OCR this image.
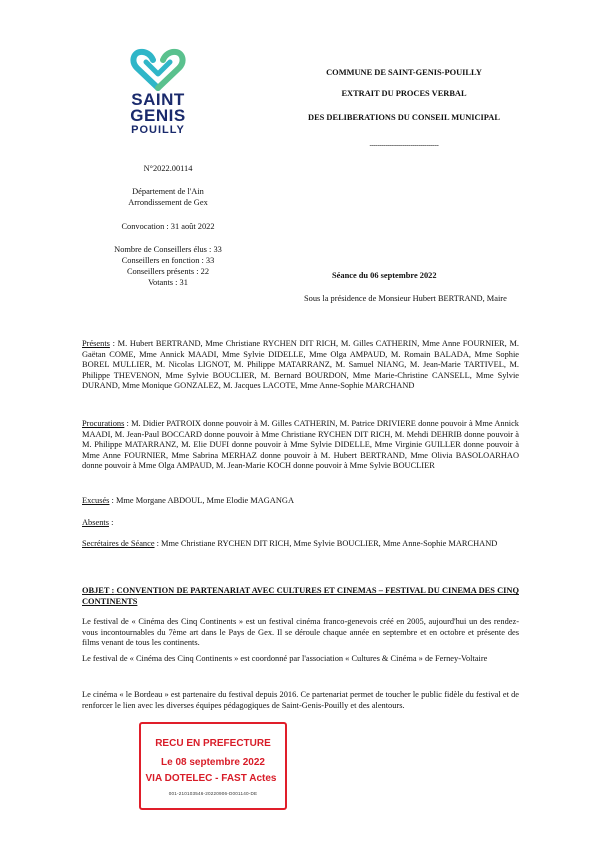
SAINT
GENIS
POUILLY
COMMUNE DE SAINT-GENIS-POUILLY
EXTRAIT DU PROCES VERBAL
DES DELIBERATIONS DU CONSEIL MUNICIPAL
----------------------------------
N°2022.00114
Département de l'Ain
Arrondissement de Gex
Convocation : 31 août 2022
Nombre de Conseillers élus : 33
Conseillers en fonction : 33
Conseillers présents : 22
Votants : 31
Séance du 06 septembre 2022
Sous la présidence de Monsieur Hubert BERTRAND, Maire
Présents : M. Hubert BERTRAND, Mme Christiane RYCHEN DIT RICH, M. Gilles CATHERIN, Mme Anne FOURNIER, M. Gaëtan COME, Mme Annick MAADI, Mme Sylvie DIDELLE, Mme Olga AMPAUD, M. Romain BALADA, Mme Sophie BOREL MULLIER, M. Nicolas LIGNOT, M. Philippe MATARRANZ, M. Samuel NIANG, M. Jean-Marie TARTIVEL, M. Philippe THEVENON, Mme Sylvie BOUCLIER, M. Bernard BOURDON, Mme Marie-Christine CANSELL, Mme Sylvie DURAND, Mme Monique GONZALEZ, M. Jacques LACOTE, Mme Anne-Sophie MARCHAND
Procurations : M. Didier PATROIX donne pouvoir à M. Gilles CATHERIN, M. Patrice DRIVIERE donne pouvoir à Mme Annick MAADI, M. Jean-Paul BOCCARD donne pouvoir à Mme Christiane RYCHEN DIT RICH, M. Mehdi DEHRIB donne pouvoir à M. Philippe MATARRANZ, M. Elie DUFI donne pouvoir à Mme Sylvie DIDELLE, Mme Virginie GUILLER donne pouvoir à Mme Anne FOURNIER, Mme Sabrina MERHAZ donne pouvoir à M. Hubert BERTRAND, Mme Olivia BASOLOARHAO donne pouvoir à Mme Olga AMPAUD, M. Jean-Marie KOCH donne pouvoir à Mme Sylvie BOUCLIER
Excusés : Mme Morgane ABDOUL, Mme Elodie MAGANGA
Absents :
Secrétaires de Séance : Mme Christiane RYCHEN DIT RICH, Mme Sylvie BOUCLIER, Mme Anne-Sophie MARCHAND
OBJET : CONVENTION DE PARTENARIAT AVEC CULTURES ET CINEMAS – FESTIVAL DU CINEMA DES CINQ CONTINENTS
Le festival de « Cinéma des Cinq Continents » est un festival cinéma franco-genevois créé en 2005, aujourd'hui un des rendez-vous incontournables du 7ème art dans le Pays de Gex. Il se déroule chaque année en septembre et en octobre et présente des films venant de tous les continents.
Le festival de « Cinéma des Cinq Continents » est coordonné par l'association « Cultures & Cinéma » de Ferney-Voltaire
Le cinéma « le Bordeau » est partenaire du festival depuis 2016. Ce partenariat permet de toucher le public fidèle du festival et de renforcer le lien avec les diverses équipes pédagogiques de Saint-Genis-Pouilly et des alentours.
RECU EN PREFECTURE
Le 08 septembre 2022
VIA DOTELEC - FAST Actes
001-210103546-20220906-D001140-DE
